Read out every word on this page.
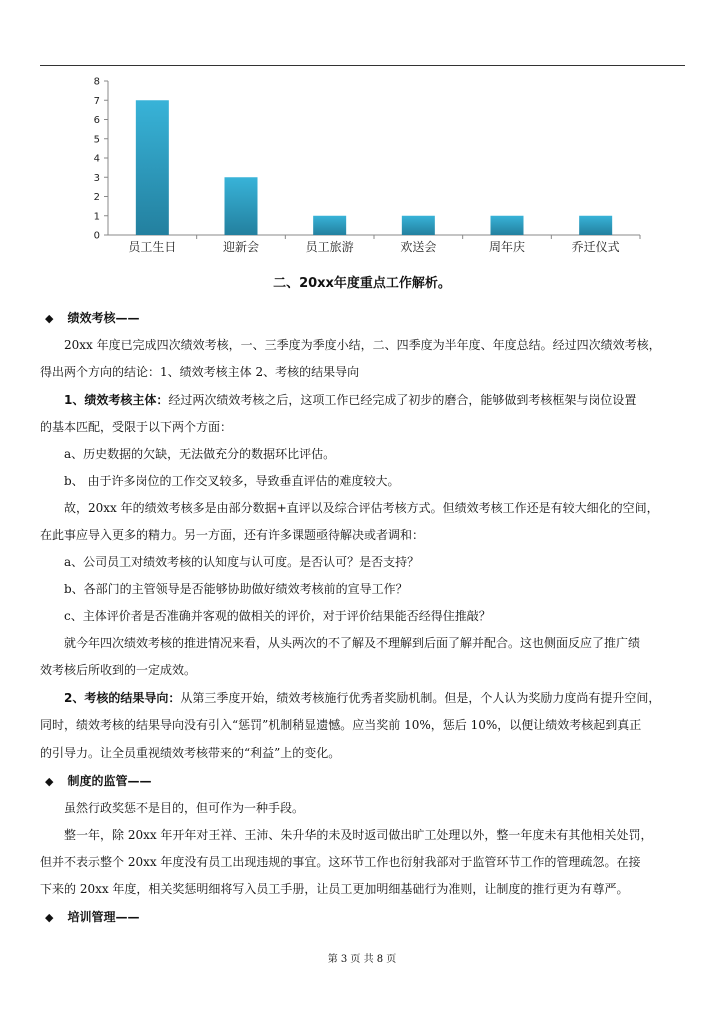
0
1
2
3
4
5
6
7
8
员工生日	迎新会	员工旅游	欢送会	周年庆	乔迁仪式
二、20xx年度重点工作解析。
◆ 绩效考核——
20xx 年度已完成四次绩效考核，一、三季度为季度小结，二、四季度为半年度、年度总结。经过四次绩效考核，
得出两个方向的结论：1、绩效考核主体 2、考核的结果导向
1、绩效考核主体：经过两次绩效考核之后，这项工作已经完成了初步的磨合，能够做到考核框架与岗位设置
的基本匹配，受限于以下两个方面：
a、历史数据的欠缺，无法做充分的数据环比评估。
b、 由于许多岗位的工作交叉较多，导致垂直评估的难度较大。
故，20xx 年的绩效考核多是由部分数据+直评以及综合评估考核方式。但绩效考核工作还是有较大细化的空间，
在此事应导入更多的精力。另一方面，还有许多课题亟待解决或者调和：
a、公司员工对绩效考核的认知度与认可度。是否认可？是否支持？
b、各部门的主管领导是否能够协助做好绩效考核前的宣导工作？
c、主体评价者是否准确并客观的做相关的评价，对于评价结果能否经得住推敲？
就今年四次绩效考核的推进情况来看，从头两次的不了解及不理解到后面了解并配合。这也侧面反应了推广绩
效考核后所收到的一定成效。
2、考核的结果导向：从第三季度开始，绩效考核施行优秀者奖励机制。但是，个人认为奖励力度尚有提升空间，
同时，绩效考核的结果导向没有引入“惩罚”机制稍显遗憾。应当奖前 10%，惩后 10%，以便让绩效考核起到真正
的引导力。让全员重视绩效考核带来的“利益”上的变化。
◆ 制度的监管——
虽然行政奖惩不是目的，但可作为一种手段。
整一年，除 20xx 年开年对王祥、王沛、朱升华的未及时返司做出旷工处理以外，整一年度未有其他相关处罚，
但并不表示整个 20xx 年度没有员工出现违规的事宜。这环节工作也衍射我部对于监管环节工作的管理疏忽。在接
下来的 20xx 年度，相关奖惩明细将写入员工手册，让员工更加明细基础行为准则，让制度的推行更为有尊严。
◆ 培训管理——
第 3 页 共 8 页
